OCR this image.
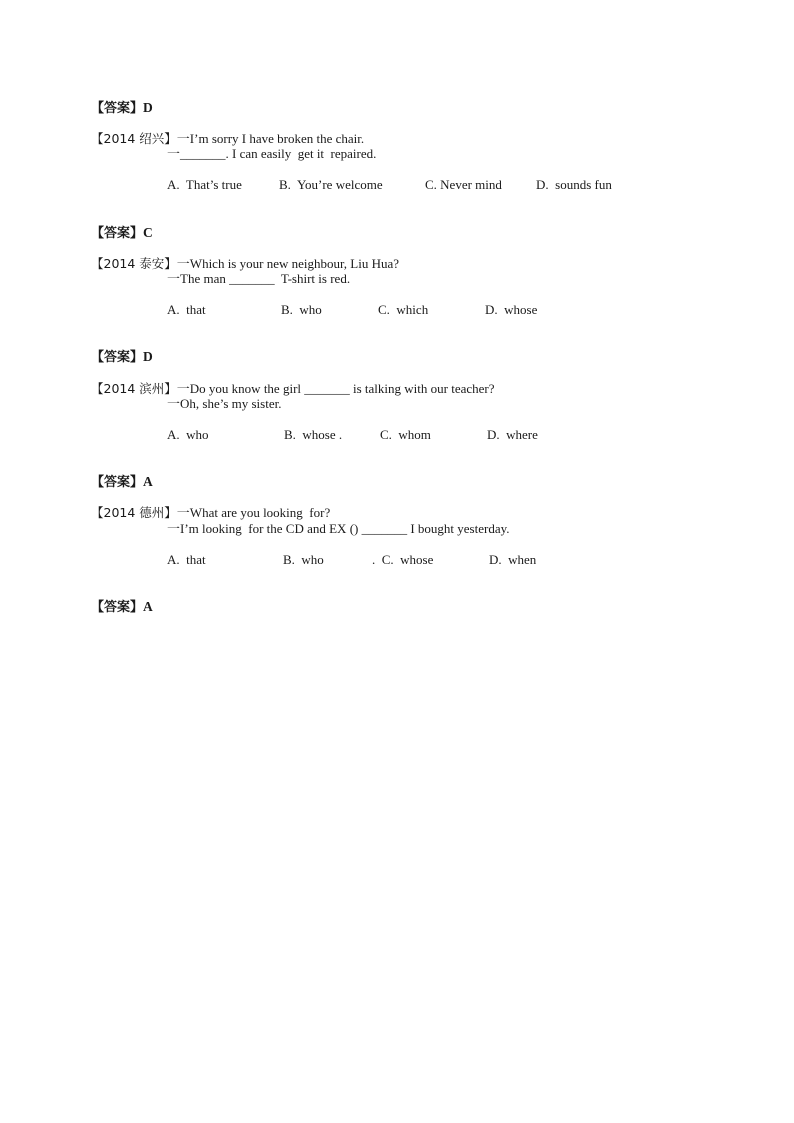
【答案】D

【2014 绍兴】一I’m sorry I have broken the chair.

一_______. I can easily  get it  repaired.
A.  That’s true	B.  You’re welcome	C. Never mind	D.  sounds fun

【答案】C

【2014 泰安】一Which is your new neighbour, Liu Hua?

一The man _______  T-shirt is red.
A.  that	B.  who	C.  which	D.  whose

【答案】D

【2014 滨州】一Do you know the girl _______ is talking with our teacher?

一Oh, she’s my sister.
A.  who	B.  whose .	C.  whom	D.  where

【答案】A

【2014 德州】一What are you looking  for?

一I’m looking  for the CD and EX () _______ I bought yesterday.
A.  that	B.  who	.  C.  whose	D.  when

【答案】A
